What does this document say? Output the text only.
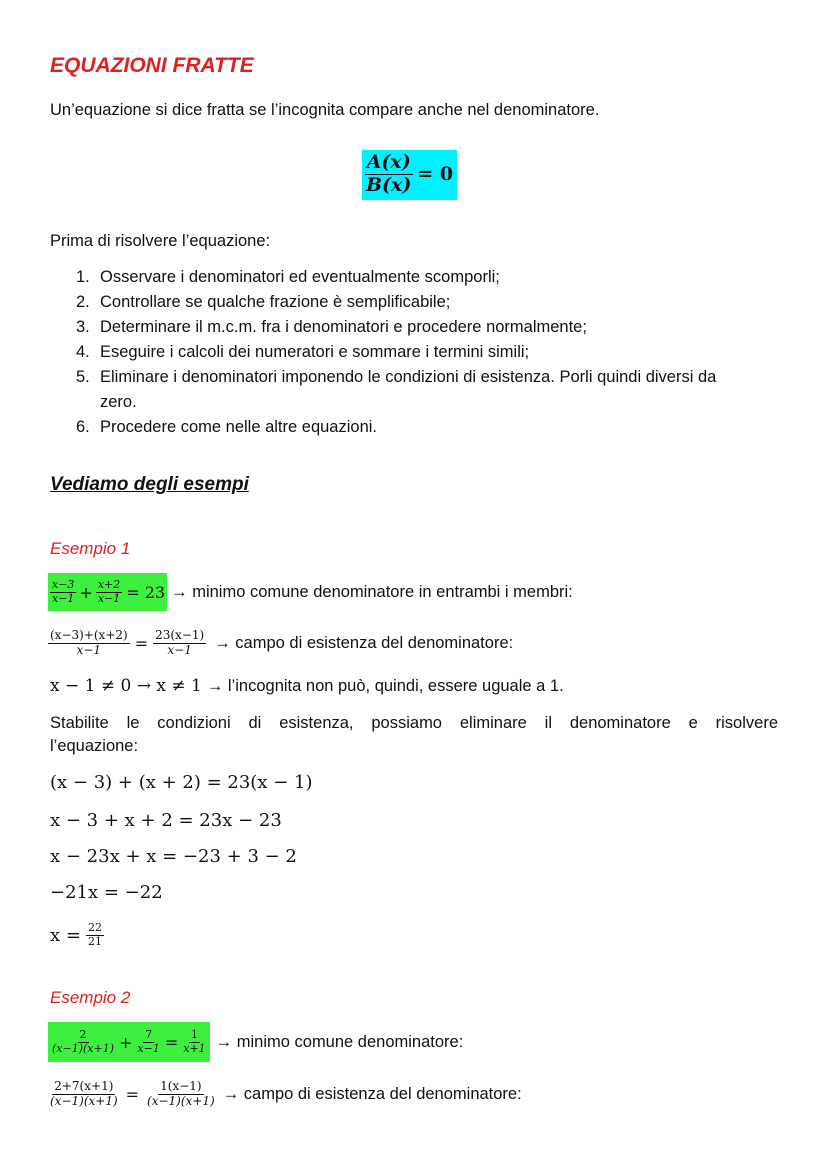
EQUAZIONI FRATTE
Un’equazione si dice fratta se l’incognita compare anche nel denominatore.
$\frac{A(x)}{B(x)} = 0$
Prima di risolvere l’equazione:
1. Osservare i denominatori ed eventualmente scomporli;
2. Controllare se qualche frazione è semplificabile;
3. Determinare il m.c.m. fra i denominatori e procedere normalmente;
4. Eseguire i calcoli dei numeratori e sommare i termini simili;
5. Eliminare i denominatori imponendo le condizioni di esistenza. Porli quindi diversi da
zero.
6. Procedere come nelle altre equazioni.
Vediamo degli esempi
Esempio 1
$\frac{x-3}{x-1} + \frac{x+2}{x-1} = 23$ → minimo comune denominatore in entrambi i membri:
$\frac{(x-3)+(x+2)}{x-1} = \frac{23(x-1)}{x-1}$ → campo di esistenza del denominatore:
x − 1 ≠ 0 → x ≠ 1 → l’incognita non può, quindi, essere uguale a 1.
Stabilite le condizioni di esistenza, possiamo eliminare il denominatore e risolvere
l’equazione:
(x − 3) + (x + 2) = 23(x − 1)
x − 3 + x + 2 = 23x − 23
x − 23x + x = −23 + 3 − 2
−21x = −22
$x = \frac{22}{21}$
Esempio 2
$\frac{2}{(x-1)(x+1)} + \frac{7}{x-1} = \frac{1}{x+1}$ → minimo comune denominatore:
$\frac{2+7(x+1)}{(x-1)(x+1)} = \frac{1(x-1)}{(x-1)(x+1)}$ → campo di esistenza del denominatore:
